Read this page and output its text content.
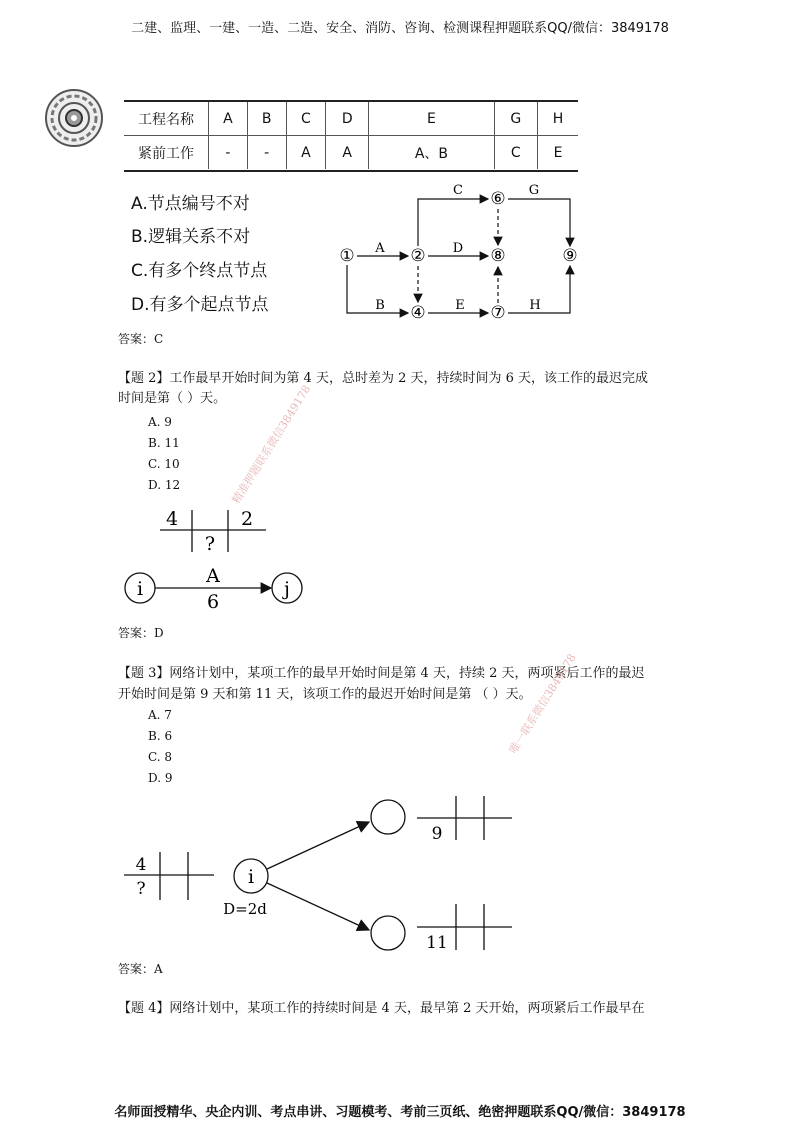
二建、监理、一建、一造、二造、安全、消防、咨询、检测课程押题联系QQ/微信：3849178
名师面授精华、央企内训、考点串讲、习题模考、考前三页纸、绝密押题联系QQ/微信：3849178
工程名称	A	B	C	D	E	G	H
紧前工作	-	-	A	A	A、B	C	E
A.节点编号不对
B.逻辑关系不对
C.有多个终点节点
D.有多个起点节点
①	②
④
⑥
⑦
⑧	⑨
A
B
C
D
E
G
H
答案：C
【题 2】工作最早开始时间为第 4 天，总时差为 2 天，持续时间为 6 天，该工作的最迟完成
时间是第（ ）天。
A. 9
B. 11
C. 10
D. 12
4	2
?
i	j
A
6
答案：D
【题 3】网络计划中，某项工作的最早开始时间是第 4 天，持续 2 天，两项紧后工作的最迟
开始时间是第 9 天和第 11 天，该项工作的最迟开始时间是第 （ ）天。
A. 7
B. 6
C. 8
D. 9
4
?
i
D=2d
9
11
答案：A
【题 4】网络计划中，某项工作的持续时间是 4 天，最早第 2 天开始，两项紧后工作最早在
精准押题联系微信3849178
唯一联系微信3849178
